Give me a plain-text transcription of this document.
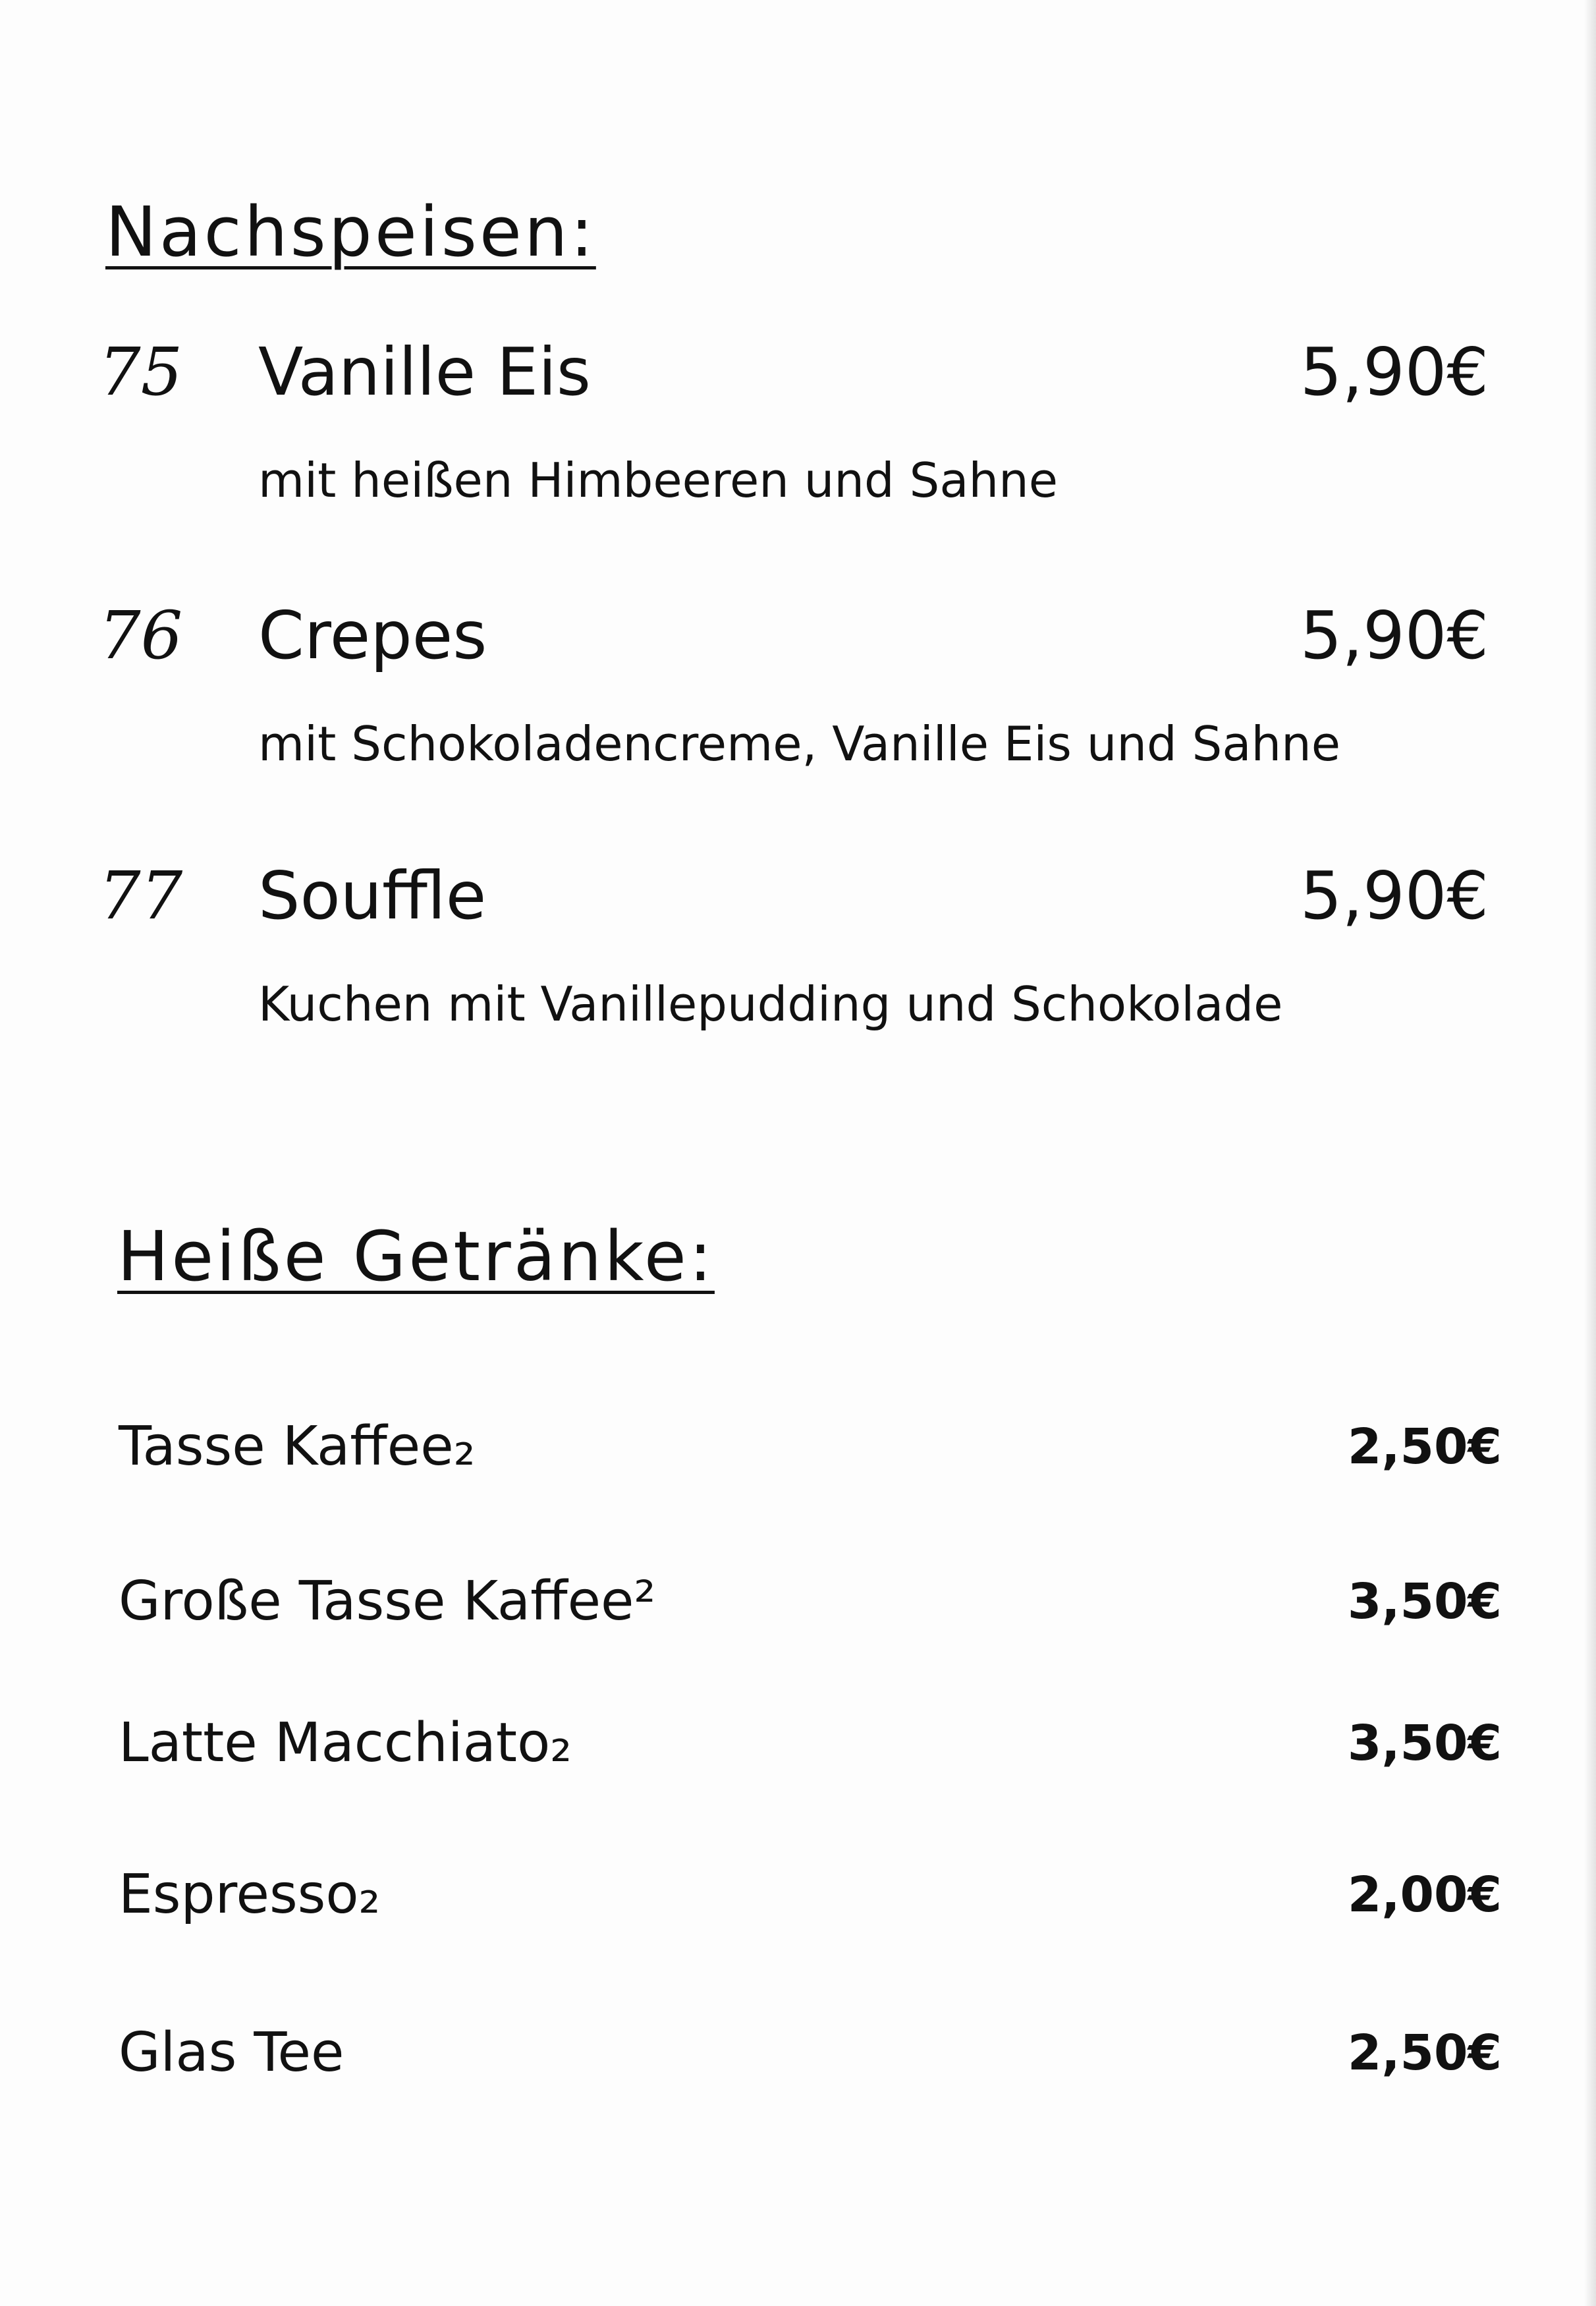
Nachspeisen:
75 Vanille Eis	5,90€
mit heißen Himbeeren und Sahne
76 Crepes	5,90€
mit Schokoladencreme, Vanille Eis und Sahne
77 Souffle	5,90€
Kuchen mit Vanillepudding und Schokolade
Heiße Getränke:
Tasse Kaffee₂	2,50€
Große Tasse Kaffee²	3,50€
Latte Macchiato₂	3,50€
Espresso₂	2,00€
Glas Tee	2,50€
